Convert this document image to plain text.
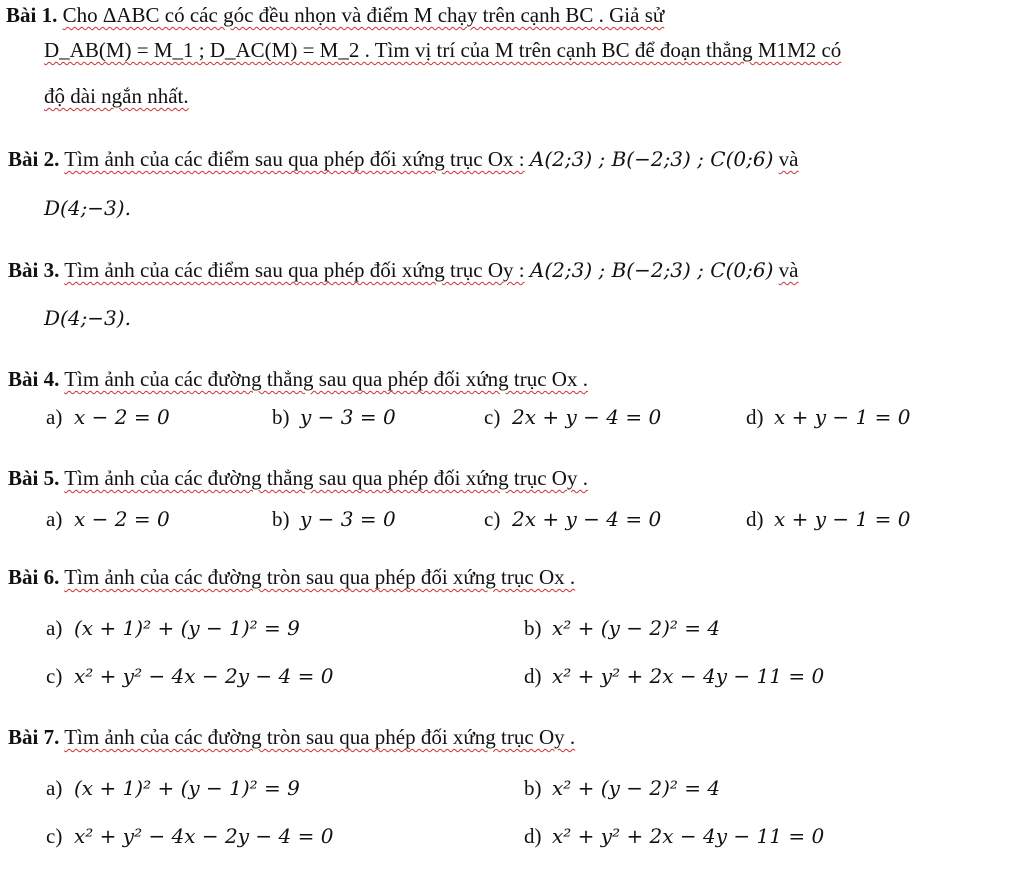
Bài 1. Cho ΔABC có các góc đều nhọn và điểm M chạy trên cạnh BC . Giả sử
D_AB(M) = M_1 ; D_AC(M) = M_2 . Tìm vị trí của M trên cạnh BC để đoạn thẳng M1M2 có
độ dài ngắn nhất.
Bài 2. Tìm ảnh của các điểm sau qua phép đối xứng trục Ox : A(2;3) ; B(−2;3) ; C(0;6) và
D(4;−3).
Bài 3. Tìm ảnh của các điểm sau qua phép đối xứng trục Oy : A(2;3) ; B(−2;3) ; C(0;6) và
D(4;−3).
Bài 4. Tìm ảnh của các đường thẳng sau qua phép đối xứng trục Ox .
a) x − 2 = 0	b) y − 3 = 0	c) 2x + y − 4 = 0	d) x + y − 1 = 0
Bài 5. Tìm ảnh của các đường thẳng sau qua phép đối xứng trục Oy .
a) x − 2 = 0	b) y − 3 = 0	c) 2x + y − 4 = 0	d) x + y − 1 = 0
Bài 6. Tìm ảnh của các đường tròn sau qua phép đối xứng trục Ox .
a) (x + 1)² + (y − 1)² = 9	b) x² + (y − 2)² = 4
c) x² + y² − 4x − 2y − 4 = 0	d) x² + y² + 2x − 4y − 11 = 0
Bài 7. Tìm ảnh của các đường tròn sau qua phép đối xứng trục Oy .
a) (x + 1)² + (y − 1)² = 9	b) x² + (y − 2)² = 4
c) x² + y² − 4x − 2y − 4 = 0	d) x² + y² + 2x − 4y − 11 = 0
